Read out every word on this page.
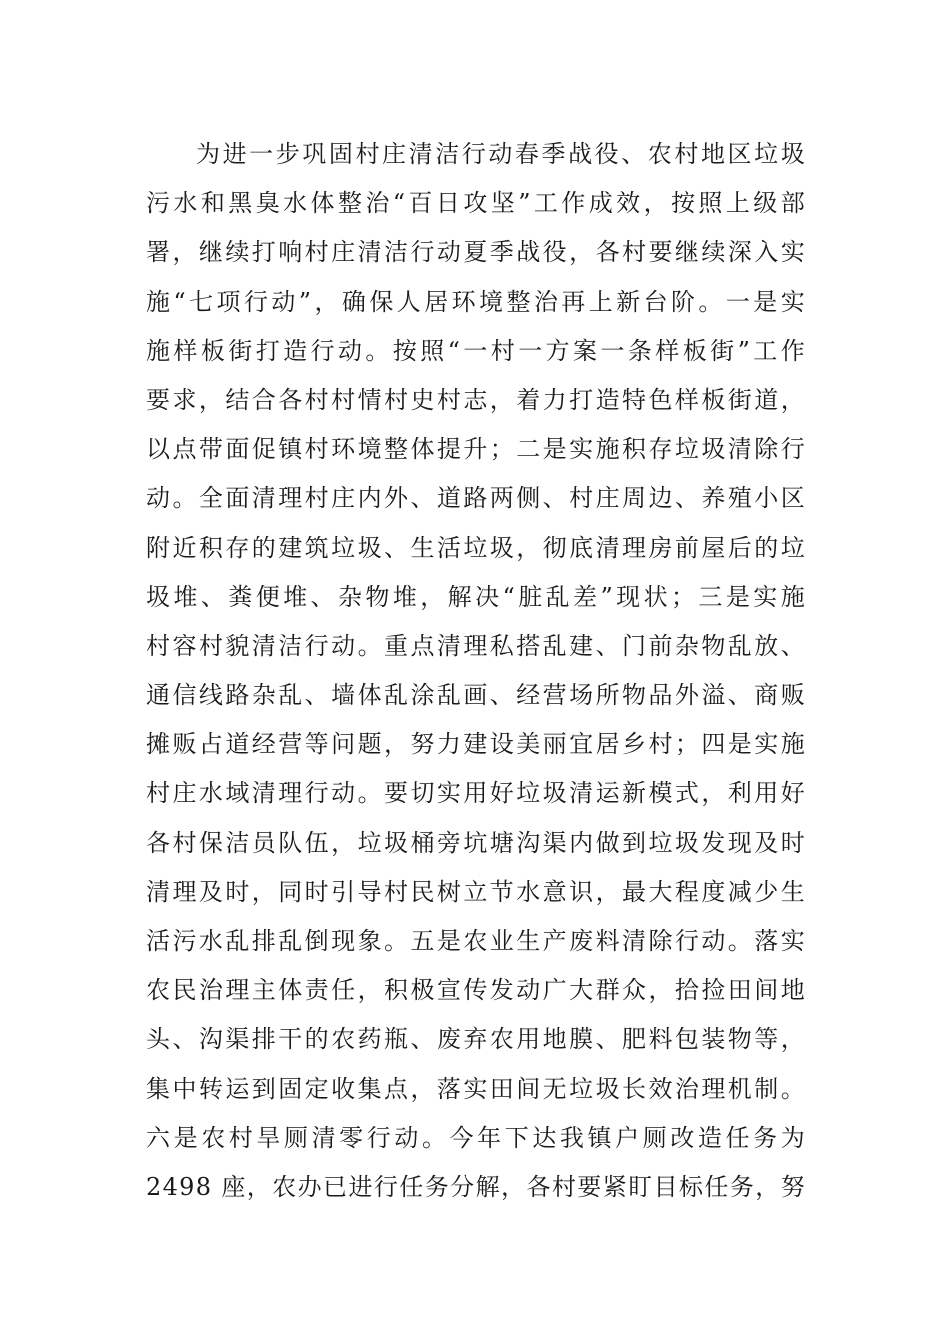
为进一步巩固村庄清洁行动春季战役、农村地区垃圾
污水和黑臭水体整治“百日攻坚”工作成效，按照上级部
署，继续打响村庄清洁行动夏季战役，各村要继续深入实
施“七项行动”，确保人居环境整治再上新台阶。一是实
施样板街打造行动。按照“一村一方案一条样板街”工作
要求，结合各村村情村史村志，着力打造特色样板街道，
以点带面促镇村环境整体提升；二是实施积存垃圾清除行
动。全面清理村庄内外、道路两侧、村庄周边、养殖小区
附近积存的建筑垃圾、生活垃圾，彻底清理房前屋后的垃
圾堆、粪便堆、杂物堆，解决“脏乱差”现状；三是实施
村容村貌清洁行动。重点清理私搭乱建、门前杂物乱放、
通信线路杂乱、墙体乱涂乱画、经营场所物品外溢、商贩
摊贩占道经营等问题，努力建设美丽宜居乡村；四是实施
村庄水域清理行动。要切实用好垃圾清运新模式，利用好
各村保洁员队伍，垃圾桶旁坑塘沟渠内做到垃圾发现及时
清理及时，同时引导村民树立节水意识，最大程度减少生
活污水乱排乱倒现象。五是农业生产废料清除行动。落实
农民治理主体责任，积极宣传发动广大群众，拾捡田间地
头、沟渠排干的农药瓶、废弃农用地膜、肥料包装物等，
集中转运到固定收集点，落实田间无垃圾长效治理机制。
六是农村旱厕清零行动。今年下达我镇户厕改造任务为
2498 座，农办已进行任务分解，各村要紧盯目标任务，努
